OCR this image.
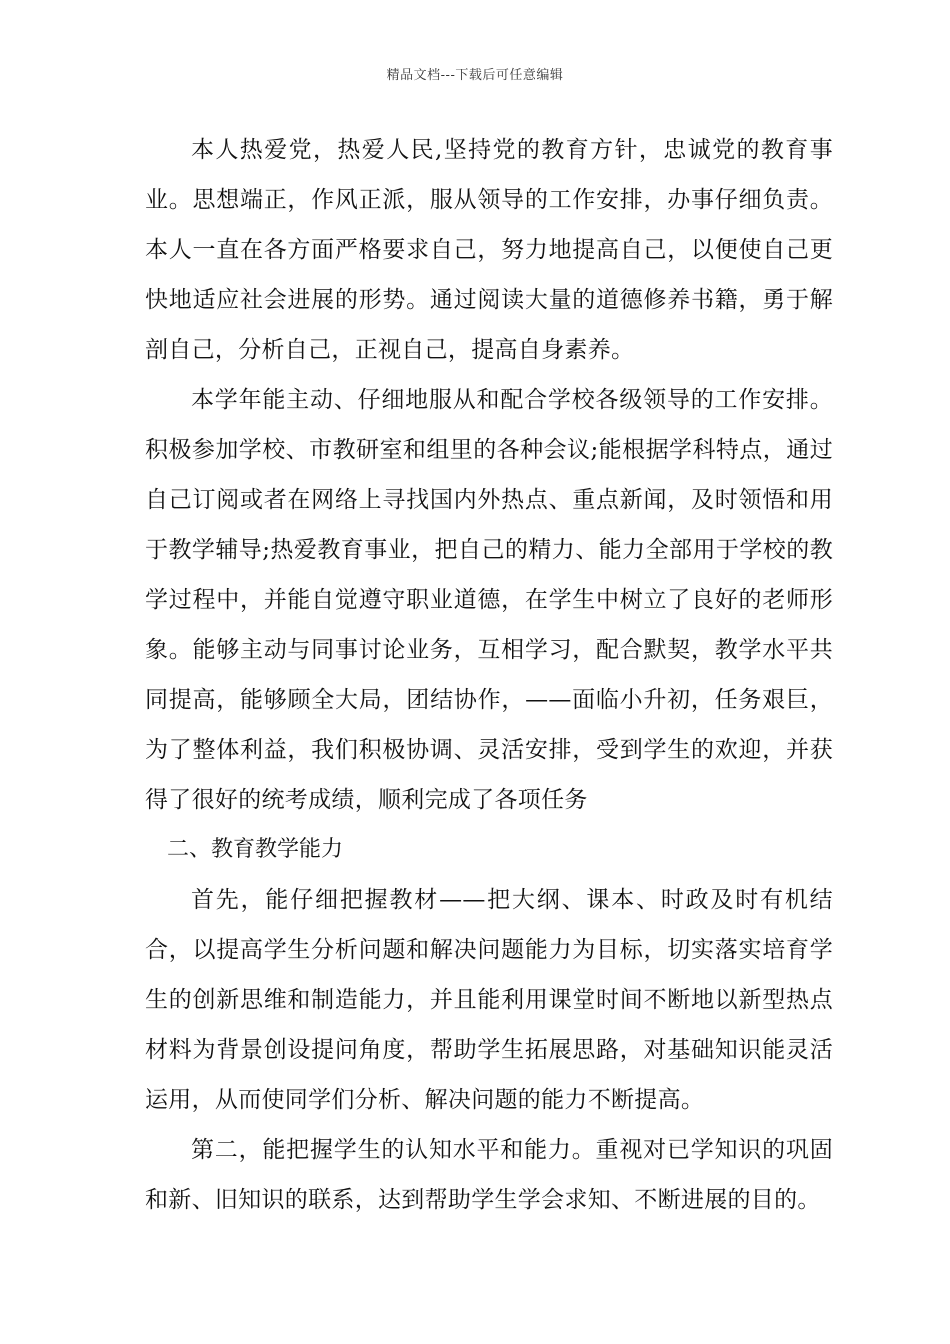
精品文档---下载后可任意编辑

本人热爱党，热爱人民,坚持党的教育方针，忠诚党的教育事业。思想端正，作风正派，服从领导的工作安排，办事仔细负责。本人一直在各方面严格要求自己，努力地提高自己，以便使自己更快地适应社会进展的形势。通过阅读大量的道德修养书籍，勇于解剖自己，分析自己，正视自己，提高自身素养。

本学年能主动、仔细地服从和配合学校各级领导的工作安排。积极参加学校、市教研室和组里的各种会议;能根据学科特点，通过自己订阅或者在网络上寻找国内外热点、重点新闻，及时领悟和用于教学辅导;热爱教育事业，把自己的精力、能力全部用于学校的教学过程中，并能自觉遵守职业道德，在学生中树立了良好的老师形象。能够主动与同事讨论业务，互相学习，配合默契，教学水平共同提高，能够顾全大局，团结协作，——面临小升初，任务艰巨，为了整体利益，我们积极协调、灵活安排，受到学生的欢迎，并获得了很好的统考成绩，顺利完成了各项任务

二、教育教学能力

首先，能仔细把握教材——把大纲、课本、时政及时有机结合，以提高学生分析问题和解决问题能力为目标，切实落实培育学生的创新思维和制造能力，并且能利用课堂时间不断地以新型热点材料为背景创设提问角度，帮助学生拓展思路，对基础知识能灵活运用，从而使同学们分析、解决问题的能力不断提高。

第二，能把握学生的认知水平和能力。重视对已学知识的巩固和新、旧知识的联系，达到帮助学生学会求知、不断进展的目的。
